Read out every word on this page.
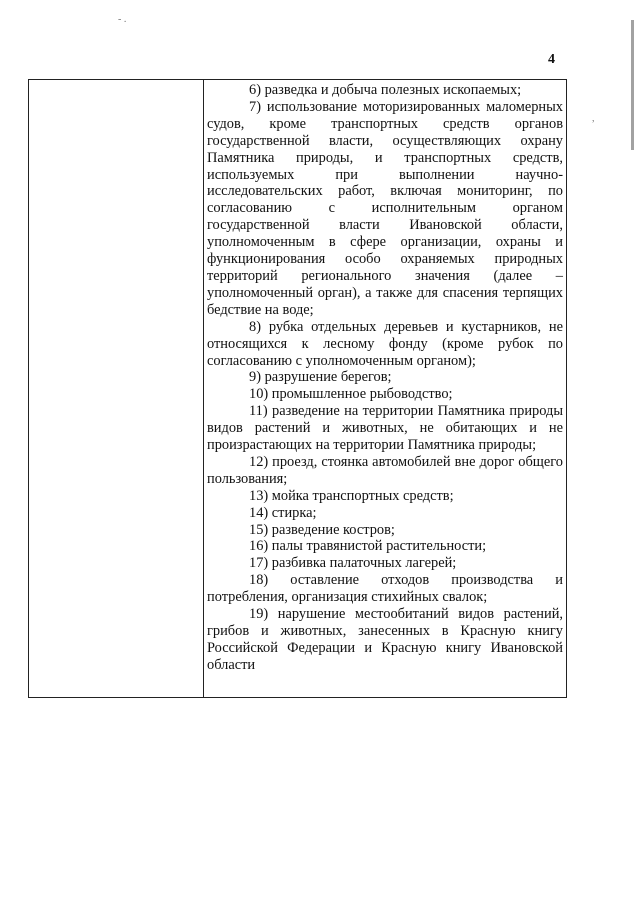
- .
,
4

6) разведка и добыча полезных ископаемых;

7) использование моторизированных маломерных судов, кроме транспортных средств органов государственной власти, осуществляющих охрану Памятника природы, и транспортных средств, используемых при выполнении научно-исследовательских работ, включая мониторинг, по согласованию с исполнительным органом государственной власти Ивановской области, уполномоченным в сфере организации, охраны и функционирования особо охраняемых природных территорий регионального значения (далее – уполномоченный орган), а также для спасения терпящих бедствие на воде;

8) рубка отдельных деревьев и кустарников, не относящихся к лесному фонду (кроме рубок по согласованию с уполномоченным органом);

9) разрушение берегов;

10) промышленное рыбоводство;

11) разведение на территории Памятника природы видов растений и животных, не обитающих и не произрастающих на территории Памятника природы;

12) проезд, стоянка автомобилей вне дорог общего пользования;

13) мойка транспортных средств;

14) стирка;

15) разведение костров;

16) палы травянистой растительности;

17) разбивка палаточных лагерей;

18) оставление отходов производства и потребления, организация стихийных свалок;

19) нарушение местообитаний видов растений, грибов и животных, занесенных в Красную книгу Российской Федерации и Красную книгу Ивановской области
